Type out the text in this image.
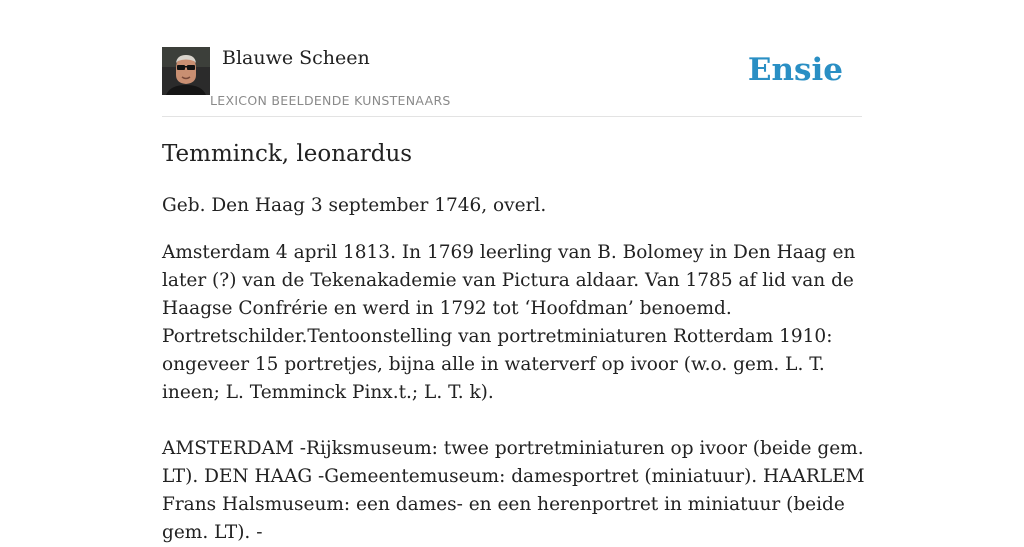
Blauwe Scheen
LEXICON BEELDENDE KUNSTENAARS
Ensie
Temminck, leonardus

Geb. Den Haag 3 september 1746, overl.

Amsterdam 4 april 1813. In 1769 leerling van B. Bolomey in Den Haag en later (?) van de Tekenakademie van Pictura aldaar. Van 1785 af lid van de Haagse Confrérie en werd in 1792 tot ‘Hoofdman’ benoemd. Portretschilder.Tentoonstelling van portretminiaturen Rotterdam 1910: ongeveer 15 portretjes, bijna alle in waterverf op ivoor (w.o. gem. L. T. ineen; L. Temminck Pinx.t.; L. T. k).

AMSTERDAM -Rijksmuseum: twee portretminiaturen op ivoor (beide gem. LT). DEN HAAG -Gemeentemuseum: damesportret (miniatuur). HAARLEM Frans Halsmuseum: een dames- en een herenportret in miniatuur (beide gem. LT). -
